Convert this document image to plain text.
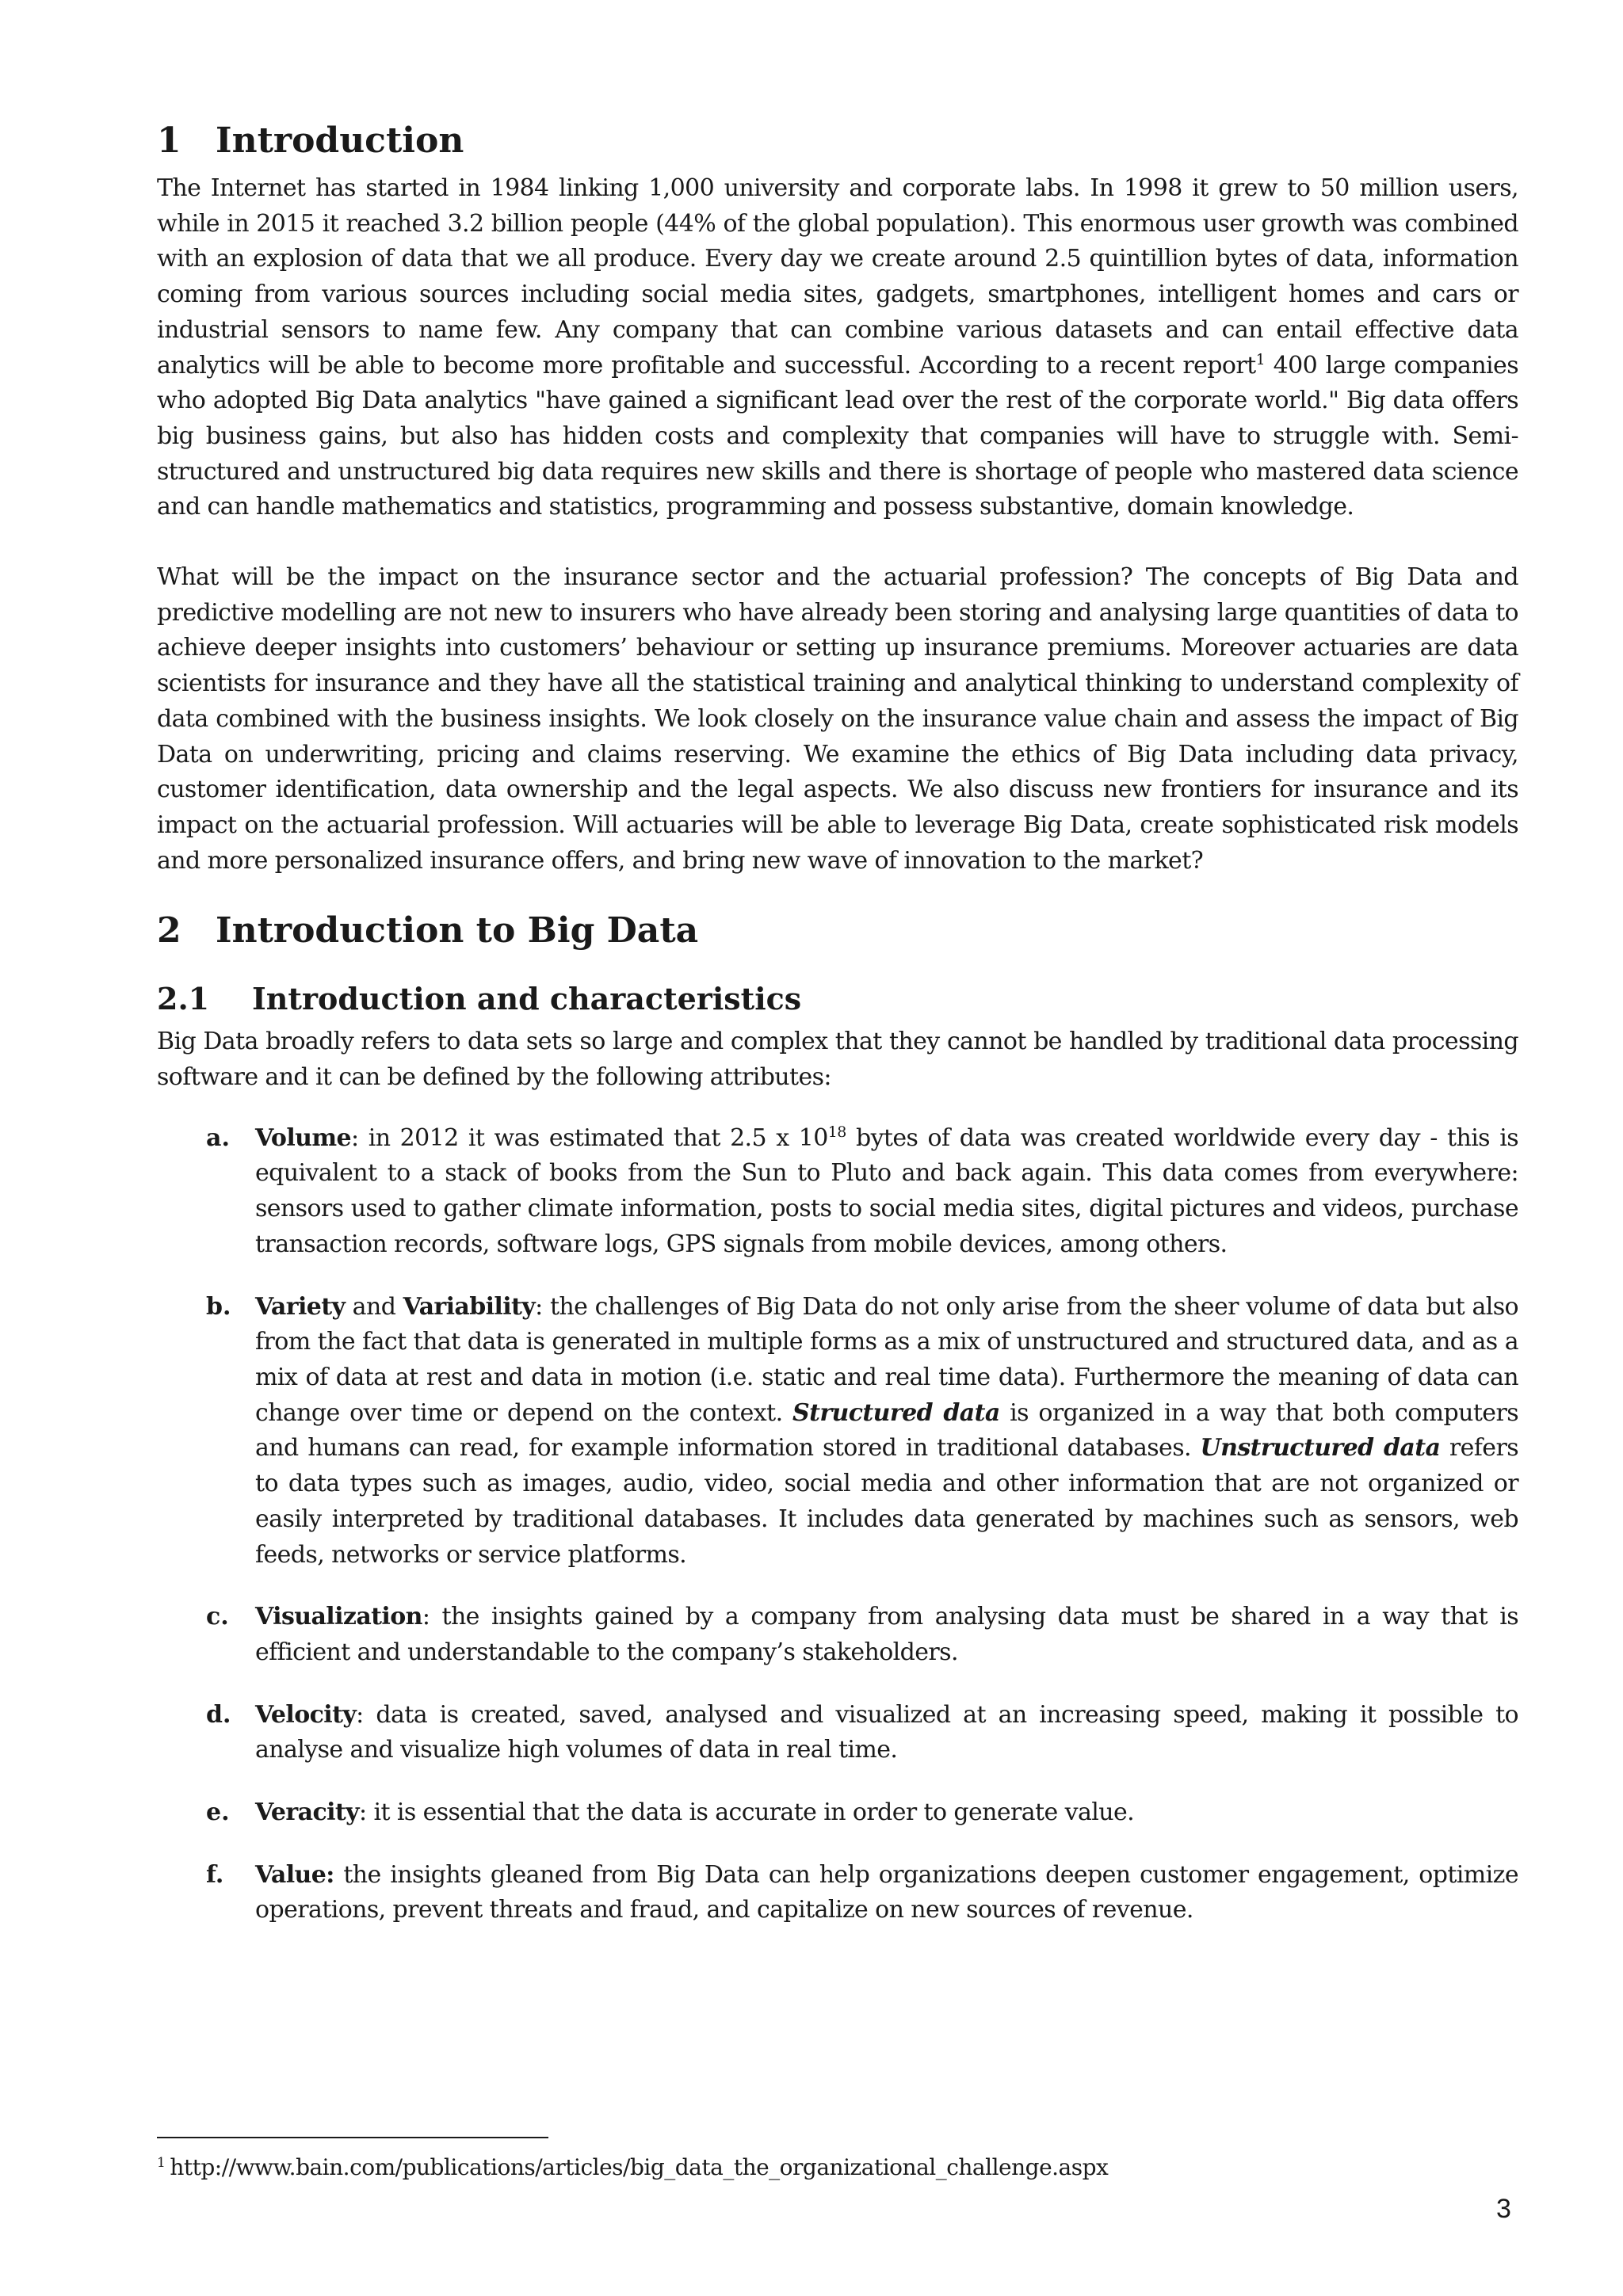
1 Introduction

The Internet has started in 1984 linking 1,000 university and corporate labs. In 1998 it grew to 50 million users, while in 2015 it reached 3.2 billion people (44% of the global population). This enormous user growth was combined with an explosion of data that we all produce. Every day we create around 2.5 quintillion bytes of data, information coming from various sources including social media sites, gadgets, smartphones, intelligent homes and cars or industrial sensors to name few. Any company that can combine various datasets and can entail effective data analytics will be able to become more profitable and successful. According to a recent report$^1$ 400 large companies who adopted Big Data analytics "have gained a significant lead over the rest of the corporate world." Big data offers big business gains, but also has hidden costs and complexity that companies will have to struggle with. Semi-structured and unstructured big data requires new skills and there is shortage of people who mastered data science and can handle mathematics and statistics, programming and possess substantive, domain knowledge.

What will be the impact on the insurance sector and the actuarial profession? The concepts of Big Data and predictive modelling are not new to insurers who have already been storing and analysing large quantities of data to achieve deeper insights into customers’ behaviour or setting up insurance premiums. Moreover actuaries are data scientists for insurance and they have all the statistical training and analytical thinking to understand complexity of data combined with the business insights. We look closely on the insurance value chain and assess the impact of Big Data on underwriting, pricing and claims reserving. We examine the ethics of Big Data including data privacy, customer identification, data ownership and the legal aspects. We also discuss new frontiers for insurance and its impact on the actuarial profession. Will actuaries will be able to leverage Big Data, create sophisticated risk models and more personalized insurance offers, and bring new wave of innovation to the market?

2 Introduction to Big Data
2.1 Introduction and characteristics

Big Data broadly refers to data sets so large and complex that they cannot be handled by traditional data processing software and it can be defined by the following attributes:

a. Volume: in 2012 it was estimated that 2.5 x $10^{18}$ bytes of data was created worldwide every day - this is equivalent to a stack of books from the Sun to Pluto and back again. This data comes from everywhere: sensors used to gather climate information, posts to social media sites, digital pictures and videos, purchase transaction records, software logs, GPS signals from mobile devices, among others.

b. Variety and Variability: the challenges of Big Data do not only arise from the sheer volume of data but also from the fact that data is generated in multiple forms as a mix of unstructured and structured data, and as a mix of data at rest and data in motion (i.e. static and real time data). Furthermore the meaning of data can change over time or depend on the context. Structured data is organized in a way that both computers and humans can read, for example information stored in traditional databases. Unstructured data refers to data types such as images, audio, video, social media and other information that are not organized or easily interpreted by traditional databases. It includes data generated by machines such as sensors, web feeds, networks or service platforms.

c. Visualization: the insights gained by a company from analysing data must be shared in a way that is efficient and understandable to the company’s stakeholders.

d. Velocity: data is created, saved, analysed and visualized at an increasing speed, making it possible to analyse and visualize high volumes of data in real time.

e. Veracity: it is essential that the data is accurate in order to generate value.

f. Value: the insights gleaned from Big Data can help organizations deepen customer engagement, optimize operations, prevent threats and fraud, and capitalize on new sources of revenue.

$^1$ http://www.bain.com/publications/articles/big_data_the_organizational_challenge.aspx
3
